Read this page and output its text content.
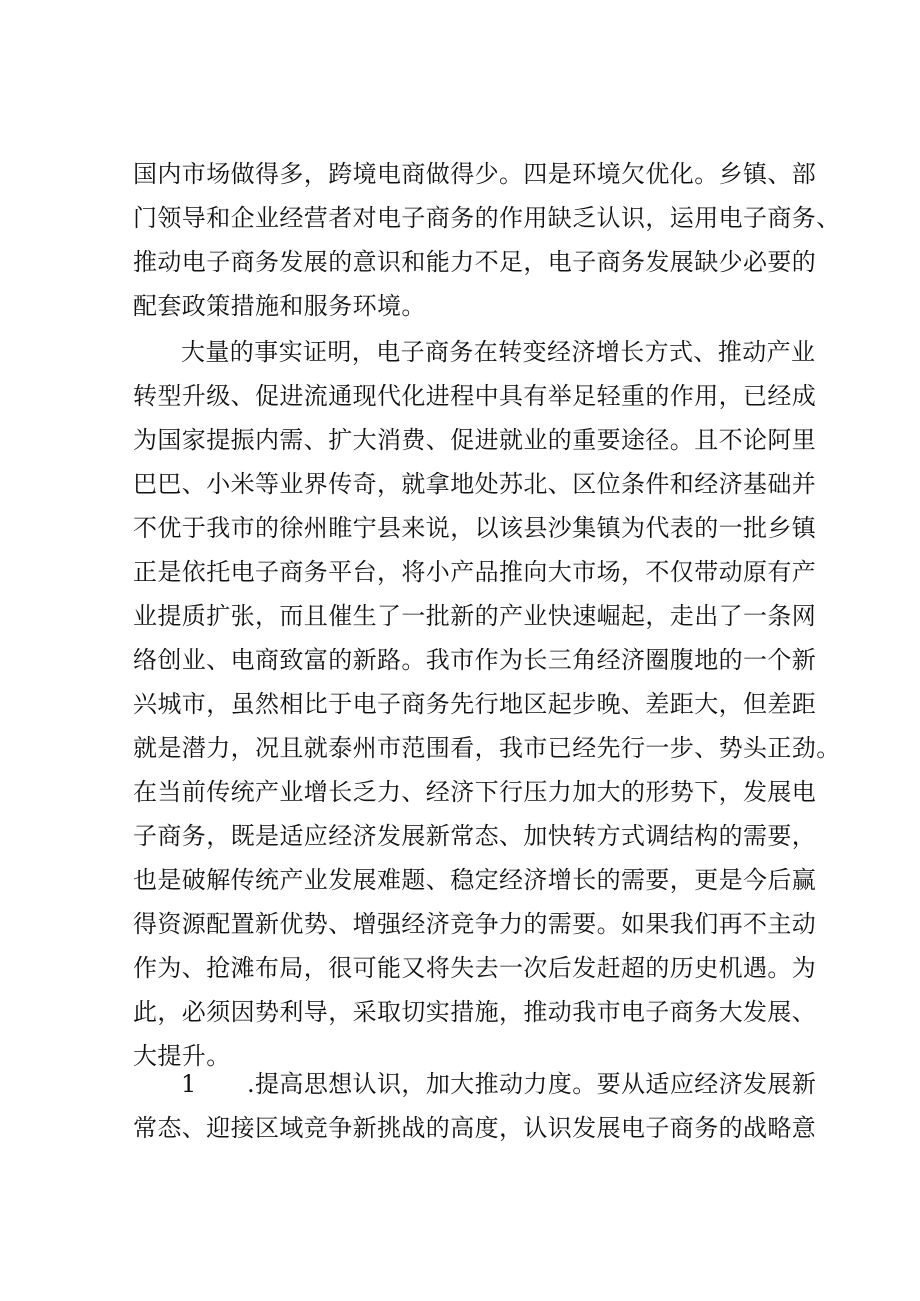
国内市场做得多，跨境电商做得少。四是环境欠优化。乡镇、部
门领导和企业经营者对电子商务的作用缺乏认识，运用电子商务、
推动电子商务发展的意识和能力不足，电子商务发展缺少必要的
配套政策措施和服务环境。
大量的事实证明，电子商务在转变经济增长方式、推动产业
转型升级、促进流通现代化进程中具有举足轻重的作用，已经成
为国家提振内需、扩大消费、促进就业的重要途径。且不论阿里
巴巴、小米等业界传奇，就拿地处苏北、区位条件和经济基础并
不优于我市的徐州睢宁县来说，以该县沙集镇为代表的一批乡镇
正是依托电子商务平台，将小产品推向大市场，不仅带动原有产
业提质扩张，而且催生了一批新的产业快速崛起，走出了一条网
络创业、电商致富的新路。我市作为长三角经济圈腹地的一个新
兴城市，虽然相比于电子商务先行地区起步晚、差距大，但差距
就是潜力，况且就泰州市范围看，我市已经先行一步、势头正劲。
在当前传统产业增长乏力、经济下行压力加大的形势下，发展电
子商务，既是适应经济发展新常态、加快转方式调结构的需要，
也是破解传统产业发展难题、稳定经济增长的需要，更是今后赢
得资源配置新优势、增强经济竞争力的需要。如果我们再不主动
作为、抢滩布局，很可能又将失去一次后发赶超的历史机遇。为
此，必须因势利导，采取切实措施，推动我市电子商务大发展、
大提升。
1 .提高思想认识，加大推动力度。要从适应经济发展新
常态、迎接区域竞争新挑战的高度，认识发展电子商务的战略意
